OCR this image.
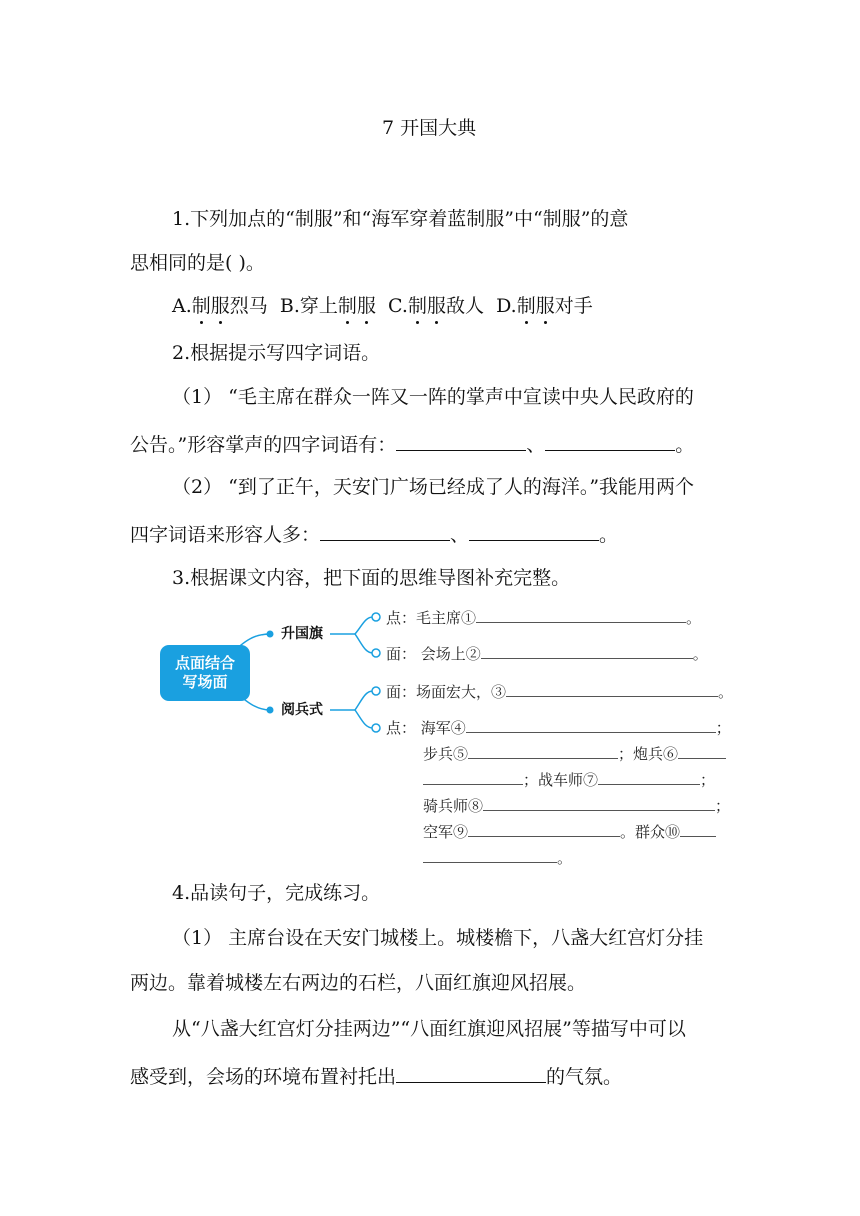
7 开国大典
1.下列加点的“制服”和“海军穿着蓝制服”中“制服”的意
思相同的是( )。
A.制服烈马 B.穿上制服 C.制服敌人 D.制服对手
2.根据提示写四字词语。
（1） “毛主席在群众一阵又一阵的掌声中宣读中央人民政府的
公告。”形容掌声的四字词语有：	、	。
（2） “到了正午，天安门广场已经成了人的海洋。”我能用两个
四字词语来形容人多：	、	。
3.根据课文内容，把下面的思维导图补充完整。
点面结合
写场面
升国旗
阅兵式
点：毛主席①	。
面： 会场上②	。
面：场面宏大，③	。
点： 海军④	；
步兵⑤	；炮兵⑥
；战车师⑦	；
骑兵师⑧	；
空军⑨	。群众⑩
。
4.品读句子，完成练习。
（1） 主席台设在天安门城楼上。城楼檐下，八盏大红宫灯分挂
两边。靠着城楼左右两边的石栏，八面红旗迎风招展。
从“八盏大红宫灯分挂两边”“八面红旗迎风招展”等描写中可以
感受到，会场的环境布置衬托出	的气氛。
